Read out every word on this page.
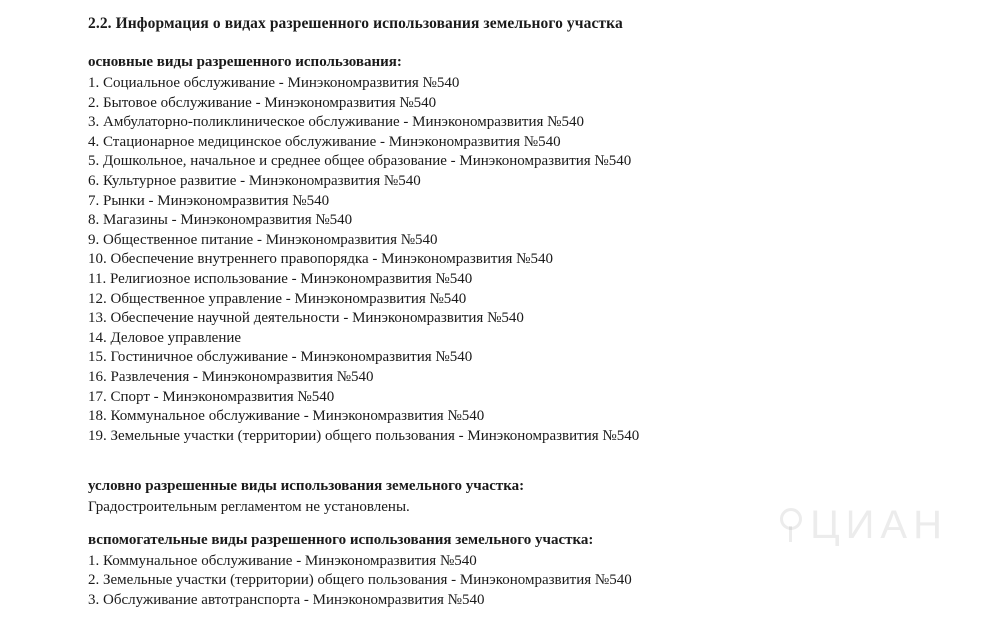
2.2. Информация о видах разрешенного использования земельного участка
основные виды разрешенного использования:
1. Социальное обслуживание - Минэкономразвития №540
2. Бытовое обслуживание - Минэкономразвития №540
3. Амбулаторно-поликлиническое обслуживание - Минэкономразвития №540
4. Стационарное медицинское обслуживание - Минэкономразвития №540
5. Дошкольное, начальное и среднее общее образование - Минэкономразвития №540
6. Культурное развитие - Минэкономразвития №540
7. Рынки - Минэкономразвития №540
8. Магазины - Минэкономразвития №540
9. Общественное питание - Минэкономразвития №540
10. Обеспечение внутреннего правопорядка - Минэкономразвития №540
11. Религиозное использование - Минэкономразвития №540
12. Общественное управление - Минэкономразвития №540
13. Обеспечение научной деятельности - Минэкономразвития №540
14. Деловое управление
15. Гостиничное обслуживание - Минэкономразвития №540
16. Развлечения - Минэкономразвития №540
17. Спорт - Минэкономразвития №540
18. Коммунальное обслуживание - Минэкономразвития №540
19. Земельные участки (территории) общего пользования - Минэкономразвития №540
условно разрешенные виды использования земельного участка:

Градостроительным регламентом не установлены.

вспомогательные виды разрешенного использования земельного участка:
1. Коммунальное обслуживание - Минэкономразвития №540
2. Земельные участки (территории) общего пользования - Минэкономразвития №540
3. Обслуживание автотранспорта - Минэкономразвития №540
ЦИАН
